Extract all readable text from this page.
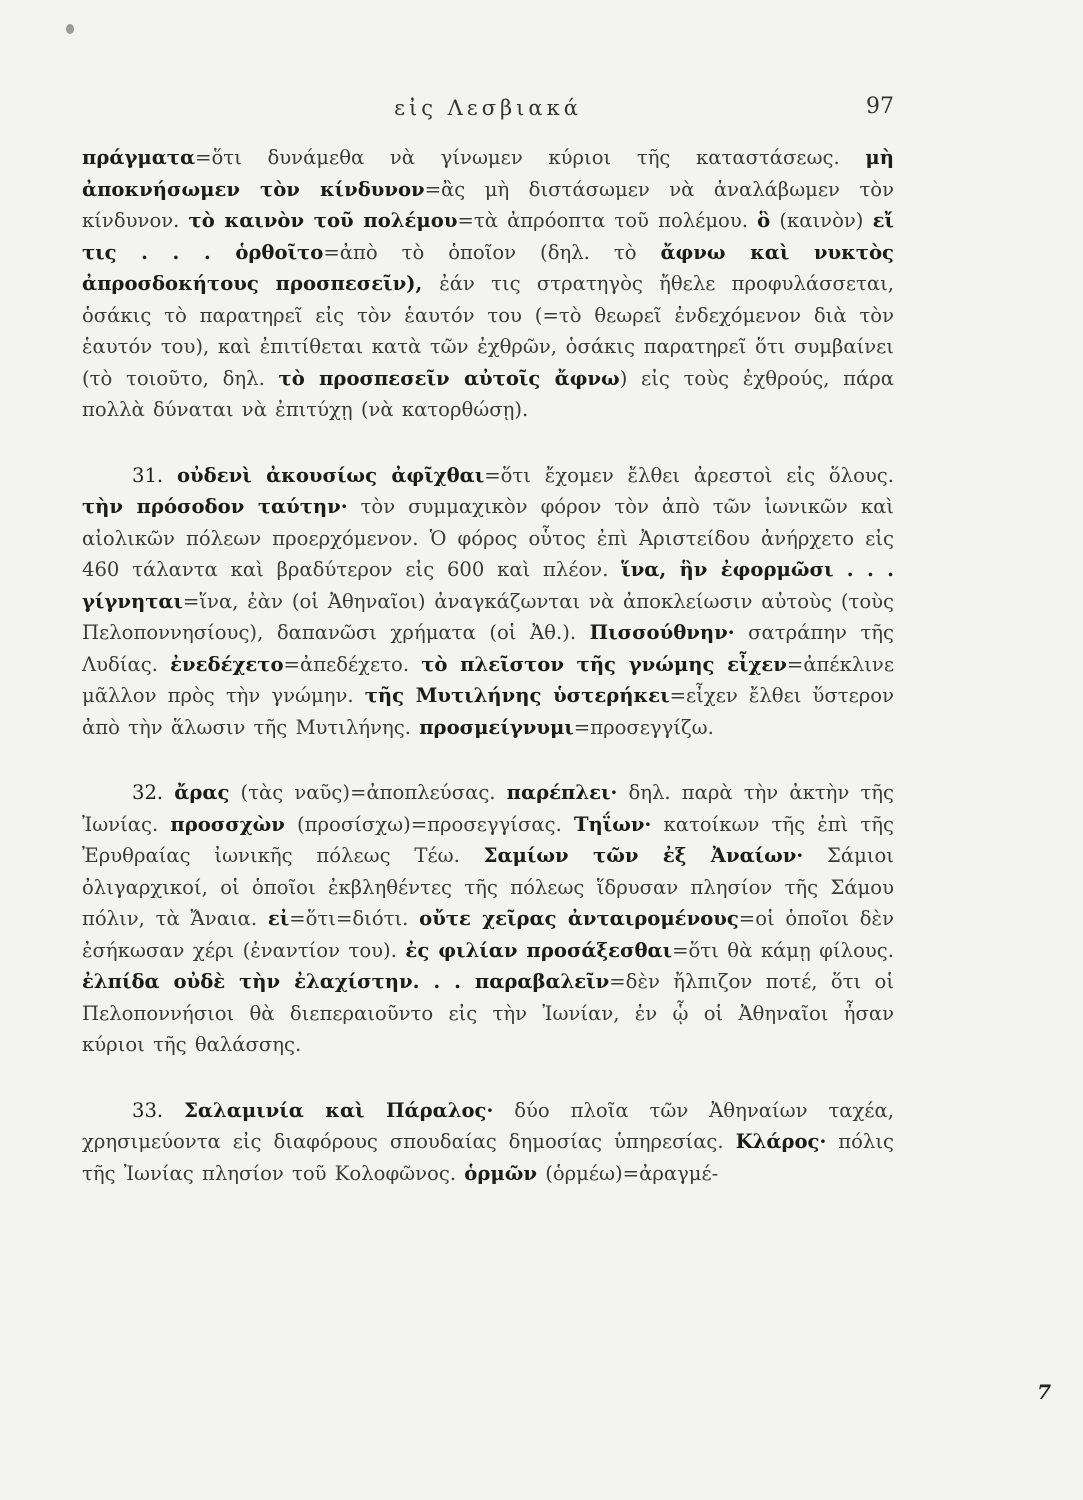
εἰς Λεσβιακά	97

πράγματα=ὅτι δυνάμεθα νὰ γίνωμεν κύριοι τῆς καταστάσεως. μὴ ἀποκνήσωμεν τὸν κίνδυνον=ἂς μὴ διστάσωμεν νὰ ἀναλάβωμεν τὸν κίνδυνον. τὸ καινὸν τοῦ πολέμου=τὰ ἀπρόοπτα τοῦ πολέμου. ὃ (καινὸν) εἴ τις . . . ὁρθοῖτο=ἀπὸ τὸ ὁποῖον (δηλ. τὸ ἄφνω καὶ νυκτὸς ἀπροσδοκήτους προσπεσεῖν), ἐάν τις στρατηγὸς ἤθελε προφυλάσσεται, ὁσάκις τὸ παρατηρεῖ εἰς τὸν ἑαυτόν του (=τὸ θεωρεῖ ἐνδεχόμενον διὰ τὸν ἑαυτόν του), καὶ ἐπιτίθεται κατὰ τῶν ἐχθρῶν, ὁσάκις παρατηρεῖ ὅτι συμβαίνει (τὸ τοιοῦτο, δηλ. τὸ προσπεσεῖν αὐτοῖς ἄφνω) εἰς τοὺς ἐχθρούς, πάρα πολλὰ δύναται νὰ ἐπιτύχῃ (νὰ κατορθώσῃ).

31. οὐδενὶ ἀκουσίως ἀφῖχθαι=ὅτι ἔχομεν ἔλθει ἀρεστοὶ εἰς ὅλους. τὴν πρόσοδον ταύτην· τὸν συμμαχικὸν φόρον τὸν ἀπὸ τῶν ἰωνικῶν καὶ αἰολικῶν πόλεων προερχόμενον. Ὁ φόρος οὗτος ἐπὶ Ἀριστείδου ἀνήρχετο εἰς 460 τάλαντα καὶ βραδύτερον εἰς 600 καὶ πλέον. ἵνα, ἣν ἐφορμῶσι . . . γίγνηται=ἵνα, ἐὰν (οἱ Ἀθηναῖοι) ἀναγκάζωνται νὰ ἀποκλείωσιν αὐτοὺς (τοὺς Πελοποννησίους), δαπανῶσι χρήματα (οἱ Ἀθ.). Πισσούθνην· σατράπην τῆς Λυδίας. ἐνεδέχετο=ἀπεδέχετο. τὸ πλεῖστον τῆς γνώμης εἶχεν=ἀπέκλινε μᾶλλον πρὸς τὴν γνώμην. τῆς Μυτιλήνης ὑστερήκει=εἶχεν ἔλθει ὕστερον ἀπὸ τὴν ἅλωσιν τῆς Μυτιλήνης. προσμείγνυμι=προσεγγίζω.

32. ἄρας (τὰς ναῦς)=ἀποπλεύσας. παρέπλει· δηλ. παρὰ τὴν ἀκτὴν τῆς Ἰωνίας. προσσχὼν (προσίσχω)=προσεγγίσας. Τηΐων· κατοίκων τῆς ἐπὶ τῆς Ἐρυθραίας ἰωνικῆς πόλεως Τέω. Σαμίων τῶν ἐξ Ἀναίων· Σάμιοι ὀλιγαρχικοί, οἱ ὁποῖοι ἐκβληθέντες τῆς πόλεως ἵδρυσαν πλησίον τῆς Σάμου πόλιν, τὰ Ἄναια. εἰ=ὅτι=διότι. οὔτε χεῖρας ἀνταιρομένους=οἱ ὁποῖοι δὲν ἐσήκωσαν χέρι (ἐναντίον του). ἐς φιλίαν προσάξεσθαι=ὅτι θὰ κάμῃ φίλους. ἐλπίδα οὐδὲ τὴν ἐλαχίστην. . . παραβαλεῖν=δὲν ἤλπιζον ποτέ, ὅτι οἱ Πελοποννήσιοι θὰ διεπεραιοῦντο εἰς τὴν Ἰωνίαν, ἐν ᾧ οἱ Ἀθηναῖοι ἦσαν κύριοι τῆς θαλάσσης.

33. Σαλαμινία καὶ Πάραλος· δύο πλοῖα τῶν Ἀθηναίων ταχέα, χρησιμεύοντα εἰς διαφόρους σπουδαίας δημοσίας ὑπηρεσίας. Κλάρος· πόλις τῆς Ἰωνίας πλησίον τοῦ Κολοφῶνος. ὁρμῶν (ὁρμέω)=ἀραγμέ-

7
